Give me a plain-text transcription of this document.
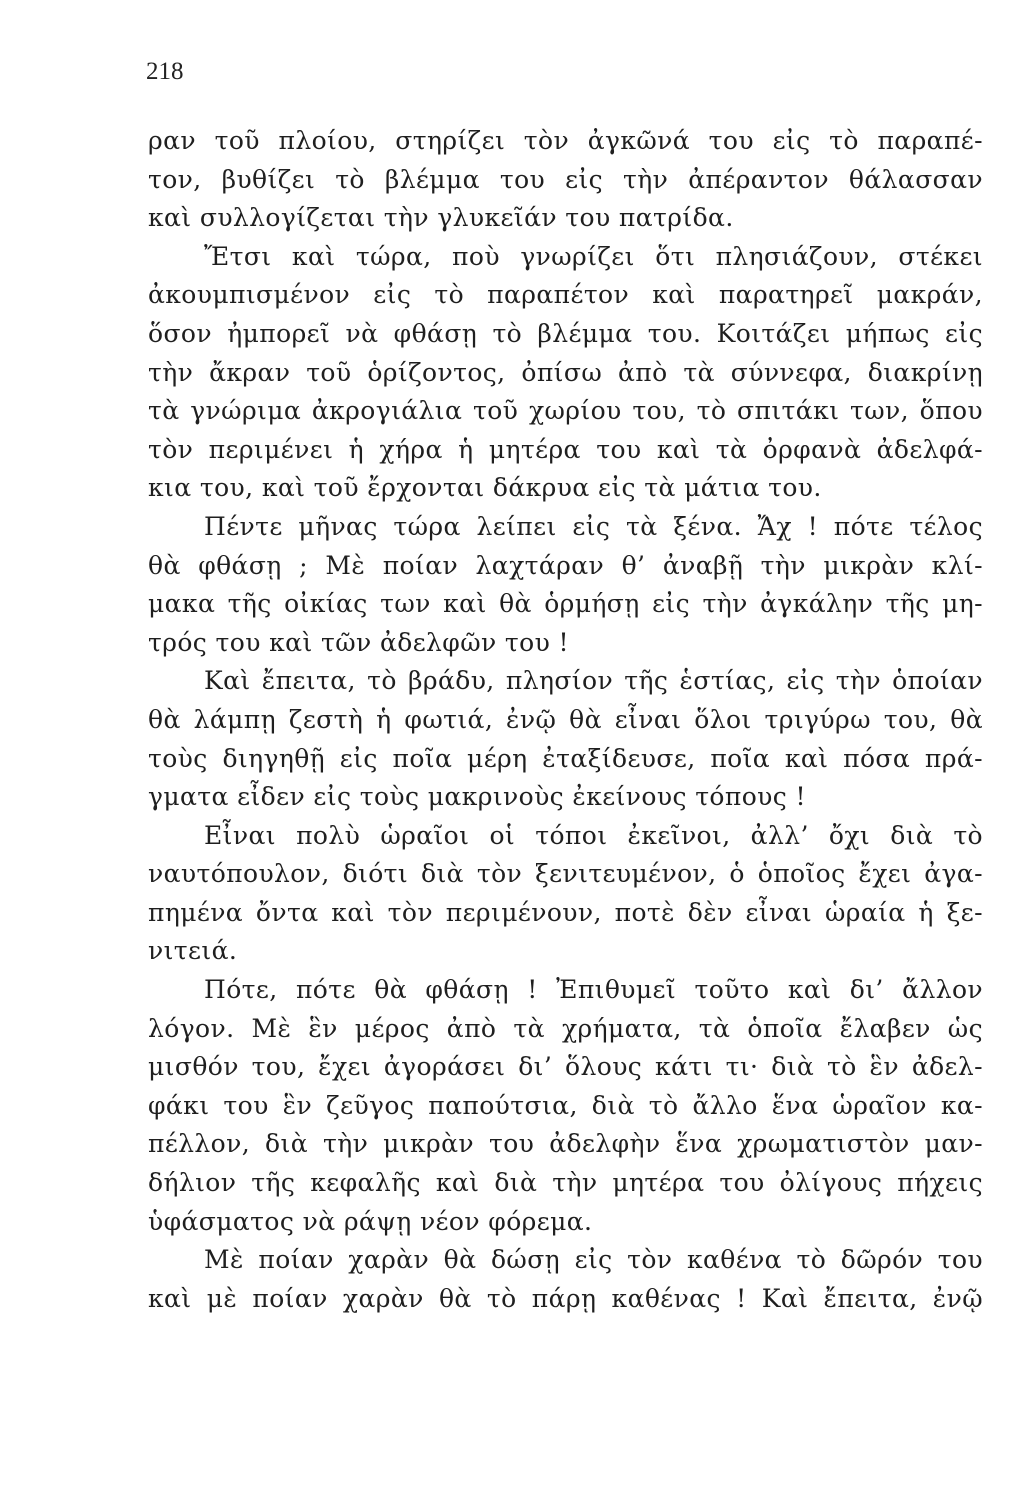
218
ραν τοῦ πλοίου, στηρίζει τὸν ἀγκῶνά του εἰς τὸ παραπέ-
τον, βυθίζει τὸ βλέμμα του εἰς τὴν ἀπέραντον θάλασσαν
καὶ συλλογίζεται τὴν γλυκεῖάν του πατρίδα.
Ἔτσι καὶ τώρα, ποὺ γνωρίζει ὅτι πλησιάζουν, στέκει
ἀκουμπισμένον εἰς τὸ παραπέτον καὶ παρατηρεῖ μακράν,
ὅσον ἠμπορεῖ νὰ φθάσῃ τὸ βλέμμα του. Κοιτάζει μήπως εἰς
τὴν ἄκραν τοῦ ὁρίζοντος, ὀπίσω ἀπὸ τὰ σύννεφα, διακρίνῃ
τὰ γνώριμα ἀκρογιάλια τοῦ χωρίου του, τὸ σπιτάκι των, ὅπου
τὸν περιμένει ἡ χήρα ἡ μητέρα του καὶ τὰ ὀρφανὰ ἀδελφά-
κια του, καὶ τοῦ ἔρχονται δάκρυα εἰς τὰ μάτια του.
Πέντε μῆνας τώρα λείπει εἰς τὰ ξένα. Ἄχ ! πότε τέλος
θὰ φθάσῃ ; Μὲ ποίαν λαχτάραν θ’ ἀναβῇ τὴν μικρὰν κλί-
μακα τῆς οἰκίας των καὶ θὰ ὁρμήσῃ εἰς τὴν ἀγκάλην τῆς μη-
τρός του καὶ τῶν ἀδελφῶν του !
Καὶ ἔπειτα, τὸ βράδυ, πλησίον τῆς ἑστίας, εἰς τὴν ὁποίαν
θὰ λάμπῃ ζεστὴ ἡ φωτιά, ἐνῷ θὰ εἶναι ὅλοι τριγύρω του, θὰ
τοὺς διηγηθῇ εἰς ποῖα μέρη ἐταξίδευσε, ποῖα καὶ πόσα πρά-
γματα εἶδεν εἰς τοὺς μακρινοὺς ἐκείνους τόπους !
Εἶναι πολὺ ὡραῖοι οἱ τόποι ἐκεῖνοι, ἀλλ’ ὄχι διὰ τὸ
ναυτόπουλον, διότι διὰ τὸν ξενιτευμένον, ὁ ὁποῖος ἔχει ἀγα-
πημένα ὄντα καὶ τὸν περιμένουν, ποτὲ δὲν εἶναι ὡραία ἡ ξε-
νιτειά.
Πότε, πότε θὰ φθάσῃ ! Ἐπιθυμεῖ τοῦτο καὶ δι’ ἄλλον
λόγον. Μὲ ἓν μέρος ἀπὸ τὰ χρήματα, τὰ ὁποῖα ἔλαβεν ὡς
μισθόν του, ἔχει ἀγοράσει δι’ ὅλους κάτι τι· διὰ τὸ ἓν ἀδελ-
φάκι του ἓν ζεῦγος παπούτσια, διὰ τὸ ἄλλο ἕνα ὡραῖον κα-
πέλλον, διὰ τὴν μικρὰν του ἀδελφὴν ἕνα χρωματιστὸν μαν-
δήλιον τῆς κεφαλῆς καὶ διὰ τὴν μητέρα του ὀλίγους πήχεις
ὑφάσματος νὰ ράψῃ νέον φόρεμα.
Μὲ ποίαν χαρὰν θὰ δώσῃ εἰς τὸν καθένα τὸ δῶρόν του
καὶ μὲ ποίαν χαρὰν θὰ τὸ πάρῃ καθένας ! Καὶ ἔπειτα, ἐνῷ
